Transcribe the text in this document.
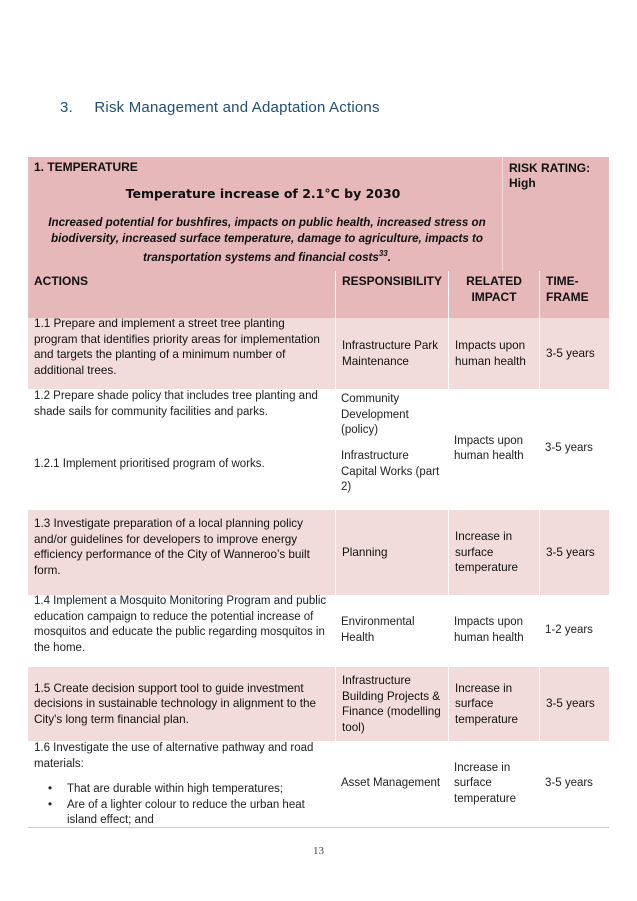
3. Risk Management and Adaptation Actions
1. TEMPERATURE
Temperature increase of 2.1°C by 2030
Increased potential for bushfires, impacts on public health, increased stress on biodiversity, increased surface temperature, damage to agriculture, impacts to transportation systems and financial costs$^{33}$.
RISK RATING:
High
ACTIONS	RESPONSIBILITY	RELATED
IMPACT
TIME-
FRAME
1.1 Prepare and implement a street tree planting program that identifies priority areas for implementation and targets the planting of a minimum number of additional trees.
Infrastructure Park Maintenance
Impacts upon human health
3-5 years
1.2 Prepare shade policy that includes tree planting and shade sails for community facilities and parks.
1.2.1 Implement prioritised program of works.
Community Development (policy)
Infrastructure Capital Works (part 2)
Impacts upon human health
3-5 years
1.3 Investigate preparation of a local planning policy and/or guidelines for developers to improve energy efficiency performance of the City of Wanneroo’s built form.
Planning
Increase in surface temperature
3-5 years
1.4 Implement a Mosquito Monitoring Program and public education campaign to reduce the potential increase of mosquitos and educate the public regarding mosquitos in the home.
Environmental Health
Impacts upon human health
1-2 years
1.5 Create decision support tool to guide investment decisions in sustainable technology in alignment to the City's long term financial plan.
Infrastructure Building Projects & Finance (modelling tool)
Increase in surface temperature
3-5 years
1.6 Investigate the use of alternative pathway and road materials:
• That are durable within high temperatures;
• Are of a lighter colour to reduce the urban heat island effect; and
Asset Management
Increase in surface temperature
3-5 years
13
